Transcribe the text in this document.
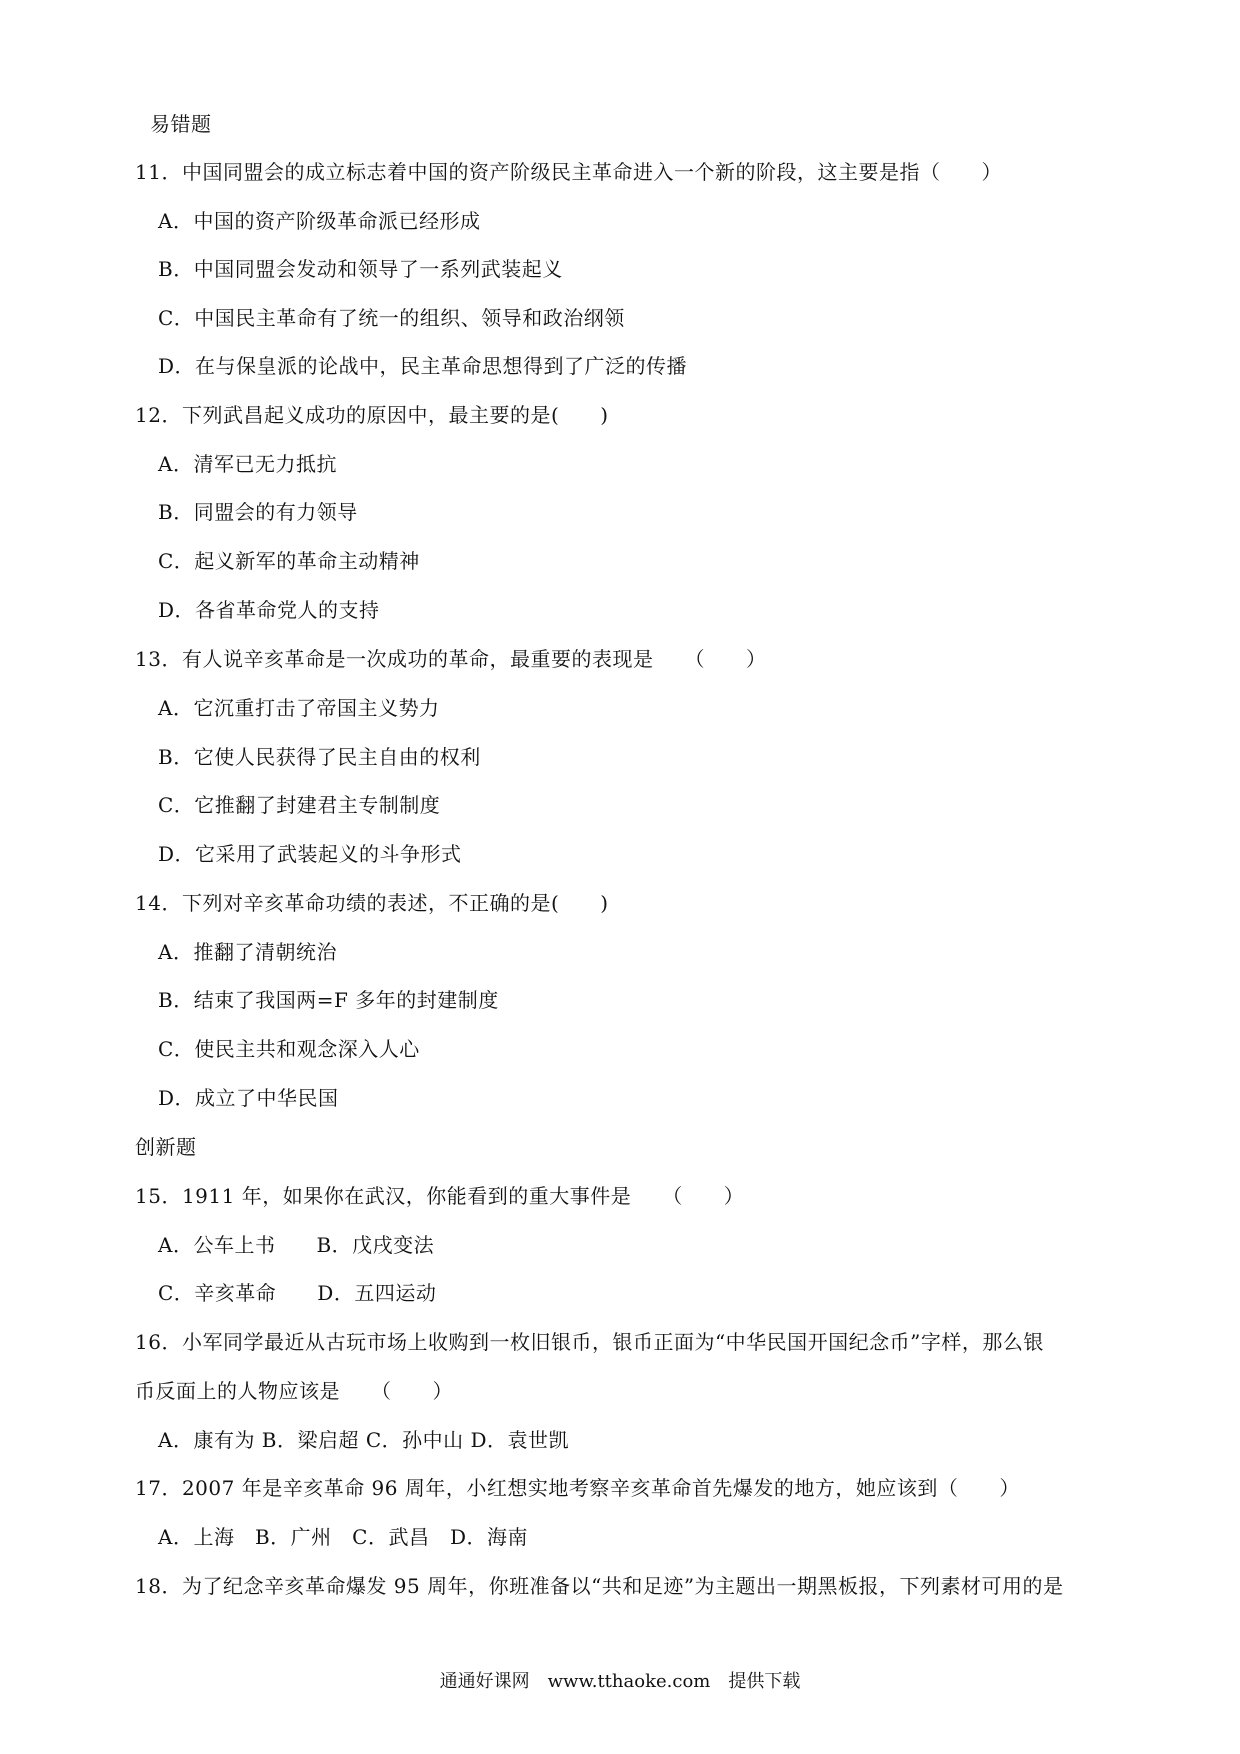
易错题
11．中国同盟会的成立标志着中国的资产阶级民主革命进入一个新的阶段，这主要是指（　　）
A．中国的资产阶级革命派已经形成
B．中国同盟会发动和领导了一系列武装起义
C．中国民主革命有了统一的组织、领导和政治纲领
D．在与保皇派的论战中，民主革命思想得到了广泛的传播
12．下列武昌起义成功的原因中，最主要的是(　　)
A．清军已无力抵抗
B．同盟会的有力领导
C．起义新军的革命主动精神
D．各省革命党人的支持
13．有人说辛亥革命是一次成功的革命，最重要的表现是　　（　　）
A．它沉重打击了帝国主义势力
B．它使人民获得了民主自由的权利
C．它推翻了封建君主专制制度
D．它采用了武装起义的斗争形式
14．下列对辛亥革命功绩的表述，不正确的是(　　)
A．推翻了清朝统治
B．结束了我国两=F 多年的封建制度
C．使民主共和观念深入人心
D．成立了中华民国
创新题
15．1911 年，如果你在武汉，你能看到的重大事件是　　（　　）
A．公车上书　　B．戊戌变法
C．辛亥革命　　D．五四运动
16．小军同学最近从古玩市场上收购到一枚旧银币，银币正面为“中华民国开国纪念币”字样，那么银
币反面上的人物应该是　　（　　）
A．康有为 B．梁启超 C．孙中山 D．袁世凯
17．2007 年是辛亥革命 96 周年，小红想实地考察辛亥革命首先爆发的地方，她应该到（　　）
A．上海　B．广州　C．武昌　D．海南
18．为了纪念辛亥革命爆发 95 周年，你班准备以“共和足迹”为主题出一期黑板报，下列素材可用的是
通通好课网　www.tthaoke.com　提供下载
